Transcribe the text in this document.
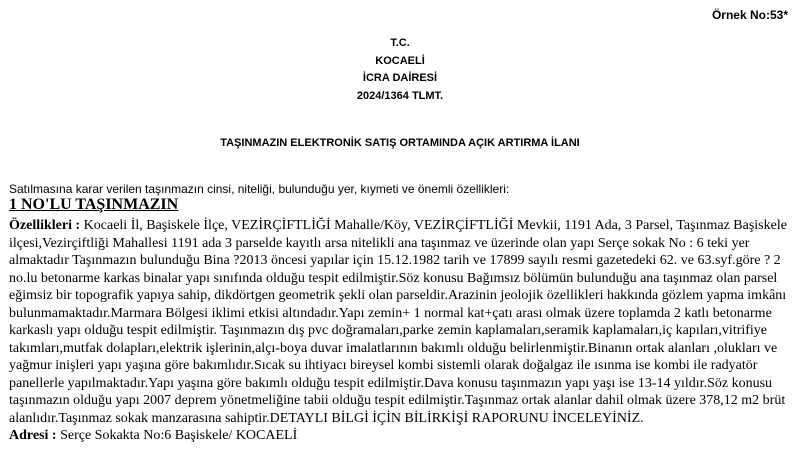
Örnek No:53*
T.C.
KOCAELİ
İCRA DAİRESİ
2024/1364 TLMT.
TAŞINMAZIN ELEKTRONİK SATIŞ ORTAMINDA AÇIK ARTIRMA İLANI
Satılmasına karar verilen taşınmazın cinsi, niteliği, bulunduğu yer, kıymeti ve önemli özellikleri:
1 NO'LU TAŞINMAZIN
Özellikleri : Kocaeli İl, Başiskele İlçe, VEZİRÇİFTLİĞİ Mahalle/Köy, VEZİRÇİFTLİĞİ Mevkii, 1191 Ada, 3 Parsel, Taşınmaz Başiskele ilçesi,Vezirçiftliği Mahallesi 1191 ada 3 parselde kayıtlı arsa nitelikli ana taşınmaz ve üzerinde olan yapı Serçe sokak No : 6 teki yer almaktadır Taşınmazın bulunduğu Bina ?2013 öncesi yapılar için 15.12.1982 tarih ve 17899 sayılı resmi gazetedeki 62. ve 63.syf.göre ? 2 no.lu betonarme karkas binalar yapı sınıfında olduğu tespit edilmiştir.Söz konusu Bağımsız bölümün bulunduğu ana taşınmaz olan parsel eğimsiz bir topografik yapıya sahip, dikdörtgen geometrik şekli olan parseldir.Arazinin jeolojik özellikleri hakkında gözlem yapma imkânı bulunmamaktadır.Marmara Bölgesi iklimi etkisi altındadır.Yapı zemin+ 1 normal kat+çatı arası olmak üzere toplamda 2 katlı betonarme karkaslı yapı olduğu tespit edilmiştir. Taşınmazın dış pvc doğramaları,parke zemin kaplamaları,seramik kaplamaları,iç kapıları,vitrifiye takımları,mutfak dolapları,elektrik işlerinin,alçı-boya duvar imalatlarının bakımlı olduğu belirlenmiştir.Binanın ortak alanları ,olukları ve yağmur inişleri yapı yaşına göre bakımlıdır.Sıcak su ihtiyacı bireysel kombi sistemli olarak doğalgaz ile ısınma ise kombi ile radyatör panellerle yapılmaktadır.Yapı yaşına göre bakımlı olduğu tespit edilmiştir.Dava konusu taşınmazın yapı yaşı ise 13-14 yıldır.Söz konusu taşınmazın olduğu yapı 2007 deprem yönetmeliğine tabii olduğu tespit edilmiştir.Taşınmaz ortak alanlar dahil olmak üzere 378,12 m2 brüt alanlıdır.Taşınmaz sokak manzarasına sahiptir.DETAYLI BİLGİ İÇİN BİLİRKİŞİ RAPORUNU İNCELEYİNİZ.
Adresi : Serçe Sokakta No:6 Başiskele/ KOCAELİ
